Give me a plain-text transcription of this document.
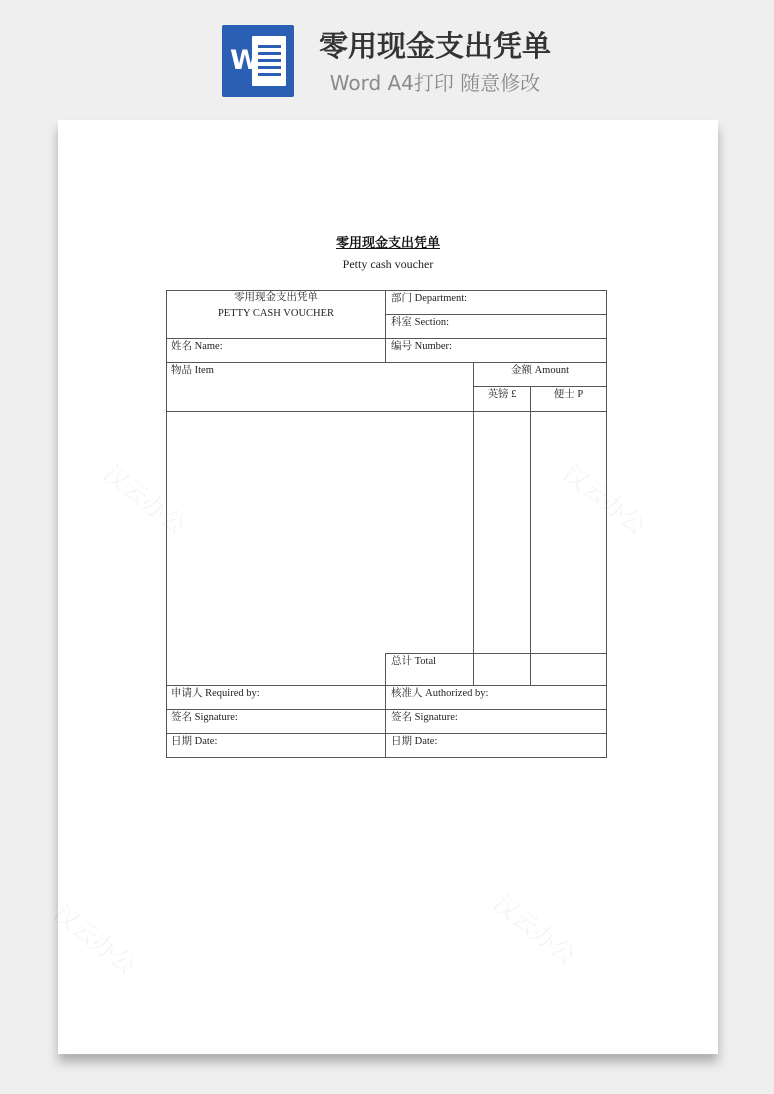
W	零用现金支出凭单
Word A4打印 随意修改
零用现金支出凭单
Petty cash voucher
零用现金支出凭单
PETTY CASH VOUCHER
部门 Department:
科室 Section:
姓名 Name:	编号 Number:
物品 Item	金额 Amount
英镑 £	便士 P
总计 Total
申请人 Required by:	核准人 Authorized by:
签名 Signature:	签名 Signature:
日期 Date:	日期 Date:
